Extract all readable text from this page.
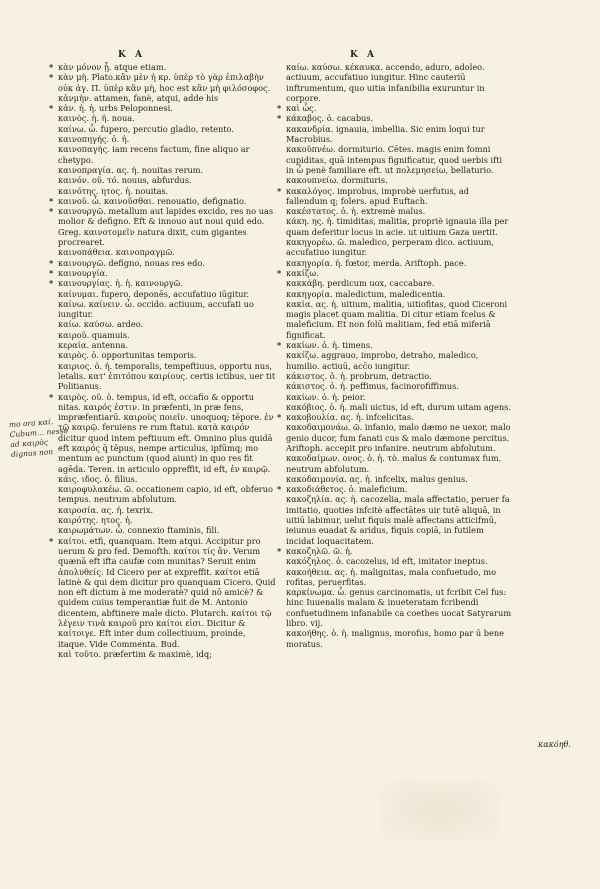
K A	K A
* κὰν μόνον ᾗ. atque etiam.
* κὰν μὴ. Plato.κἂν μὲν ἡ κρ. ὑπὲρ τὸ γὰρ ἐπιλαβὴν οὐκ ἀγ. Π. ὑπὲρ κἂν μὴ, hoc est κἂν μὴ φιλόσοφος.
κἀνμὴν. attamen, fanè, atqui, adde his
* κἀν. ἡ. ἡ. urbs Peloponnesi.
καινὸς. ἡ. ἡ. noua.
καίνω. ὦ. fupero, percutio gladio, retento.
καινοπηγής. ὁ. ἡ.
καινοπαγής. iam recens factum, fine aliquo ar chetypo.
καινοπραγία. ας. ἡ. nouitas rerum.
καινόν. οῦ. τό. nouus, abfurdus.
καινότης. ητος. ἡ. nouitas.
* καινοῦ. ὦ. καινοῦσθαι. renouatio, defignatio.
* καινουργῶ. metallum aut lapides excido, res no uas molior & defigno. Eft & innouo aut noui quid edo. Greg. καινοτομεῖν natura dixit, cum gigantes procrearet.
καινοπάθεια. καινοπραγμῶ.
* καινουργῶ. defigno, nouas res edo.
* καινουργία.
* καινουργίας. ἡ. ἡ. καινουργῶ.
καίνυμαι. fupero. deponēs, accufatiuo iūgitur.
καίνω. καίνειν. ὦ. occido. actiuum, accufati uo iungitur.
καίω. καύσω. ardeo.
καιροῦ. quamuis.
κεραία. antenna.
καιρὸς. ὁ. opportunitas temporis.
καιριος. ὁ. ἡ. temporalis, tempeftiuus, opportu nus, letalis. κατ' ἐπιτόπου καιρίους. certis ictibus, uer tit Politianus.
* καιρὸς. οῦ. ὁ. tempus, id eft, occafio & opportu nitas. καιρός ἐστιν. in præfenti, in præ fens, impræfentiarū. καιροὺς ποιεῖν. unoquoq; tēpore. ἐν τῷ καιρῷ. feruiens re rum ftatui. κατὰ καιρόν dicitur quod intem peftiuum eft. Omnino plus quidā eft καιρός q̄ tēpus, nempe articulus, ipfūmq; mo mentum ac punctum (quod aiunt) in quo res fit agēda. Teren. in articulo oppreffit, id eft, ἐν καιρῷ.
κάις. ιδος. ὁ. filius.
καιροφυλακέω. ῶ. occationem capio, id eft, obferuo tempus. neutrum abfolutum.
καιροσία. ας. ἡ. texrix.
καιρότης. ητος. ἡ.
καιρωμάτων. ὦ. connexio ftaminis, fili.
* καίτοι. etfi, quanquam. Item atqui. Accipitur pro uerum & pro fed. Demofth. καίτοι τίς ἂν. Verum quænā eft ifta caufæ com munitas? Seruit enim ἀπολυθείς. Id Cicero per at expreffit. καίτοι etiā latinè & qui dem dicitur pro quanquam Cicero. Quid non eft dictum à me moderatè? quid nō amicè? & quidem cuius temperantiæ fuit de M. Antonio dicentem, abftinere male dicto. Plutarch. καίτοι τῷ λέγειν τινὰ καιροῦ pro καίτοι εἰσι. Dicitur & καίτοιγε. Eft inter dum collectiuum, proinde, itaque. Vide Commenta. Bud.
καὶ τοῦτο. præfertim & maximè, idq;
καίω. καύσω. κέκαυκα. accendo, aduro, adoleo. actiuum, accufatiuo iungitur. Hinc cauteriū inftrumentum, quo uitia infanibilia exuruntur in corpore.
* καὶ ὧς.
* κάκαβος. ὁ. cacabus.
κακανδρία. ignauia, imbellia. Sic enim loqui tur Macrobius.
κακοϋπνέω. dormiturio. Cētes. magis enim fomni cupiditas, quā intempus fignificatur, quod uerbis ifti in ὦ penè familiare eft. ut πολεμησείω, bellaturio.
κακουπνείω. dormituris.
* κακαλόγος. improbus, improbè uerfutus, ad fallendum q; folers. apud Euftach.
κακέστατος. ὁ. ἡ. extremè malus.
κάκη. ης. ἡ. timiditas, malitia, propriè ignauia illa per quam deferitur locus in acie. ut uitium Gaza uertit.
κακηγορέω. ῶ. maledico, perperam dico. actiuum, accufatiuo iungitur.
κακηγορία. ἡ. fœtor, merda. Ariftoph. pace.
* κακίζω.
κακκάβη. perdicum uox, caccabare.
κακηγορία. maledictum, maledicentia.
κακία. ας. ἡ. uitium, malitia, uitiofitas, quod Ciceroni magis placet quam malitia. Di citur etiam fcelus & maleficium. Et non folū malitiam, fed etiā miferiā fignificat.
* κακίων. ὁ. ἡ. timens.
κακίζω. aggrauo, improbo, detraho, maledico, humilio. actiuū, acc̄o iungitur.
κάκιστος. ὁ. ἡ. probrum, detractio.
κάκιστος. ὁ. ἡ. peffimus, facinorofiffimus.
κακίων. ὁ. ἡ. peior.
κακόβιος. ὁ. ἡ. mali uictus, id eft, durum uitam agens.
* κακοβουλία. ας. ἡ. infcelicitas.
κακοδαιμονάω. ῶ. infanio, malo dæmo ne uexor, malo genio ducor, fum fanati cus & malo dæmone percitus. Ariftoph. accepit pro infanire. neutrum abfolutum.
κακοδαίμων. ονος. ὁ. ἡ. τὸ. malus & contumax fum. neutrum abfolutum.
κακοδαιμονία. ας. ἡ. infcelix, malus genius.
* κακοδιάθετος. ὁ. maleficium.
κακοζηλία. ας. ἡ. cacozelia, mala affectatio, peruer fa imitatio, quoties infcitè affectātes uir tutē aliquā, in uitiū labimur, uelut fiquis malè affectans atticifmū, ieiunus euadat & aridus, fiquis copiā, in futilem incidat loquacitatem.
* κακοζηλῶ. ῶ. ἡ.
κακόζηλος. ὁ. cacozelus, id eft, imitator ineptus.
κακοήθεια. ας. ἡ. malignitas, mala confuetudo, mo rofitas, peruerfitas.
καρκίνωμα. ὦ. genus carcinomatis, ut fcribit Cel fus: hinc Iuuenalis malam & inueteratam fcribendi confuetudinem infanabile ca coethes uocat Satyrarum libro. vij.
κακοήθης. ὁ. ἡ. malignus, morofus, homo par ū bene moratus.
mo ora καί. Cubum... nesso ad καιρὸς dignus non
κακόηθ.
